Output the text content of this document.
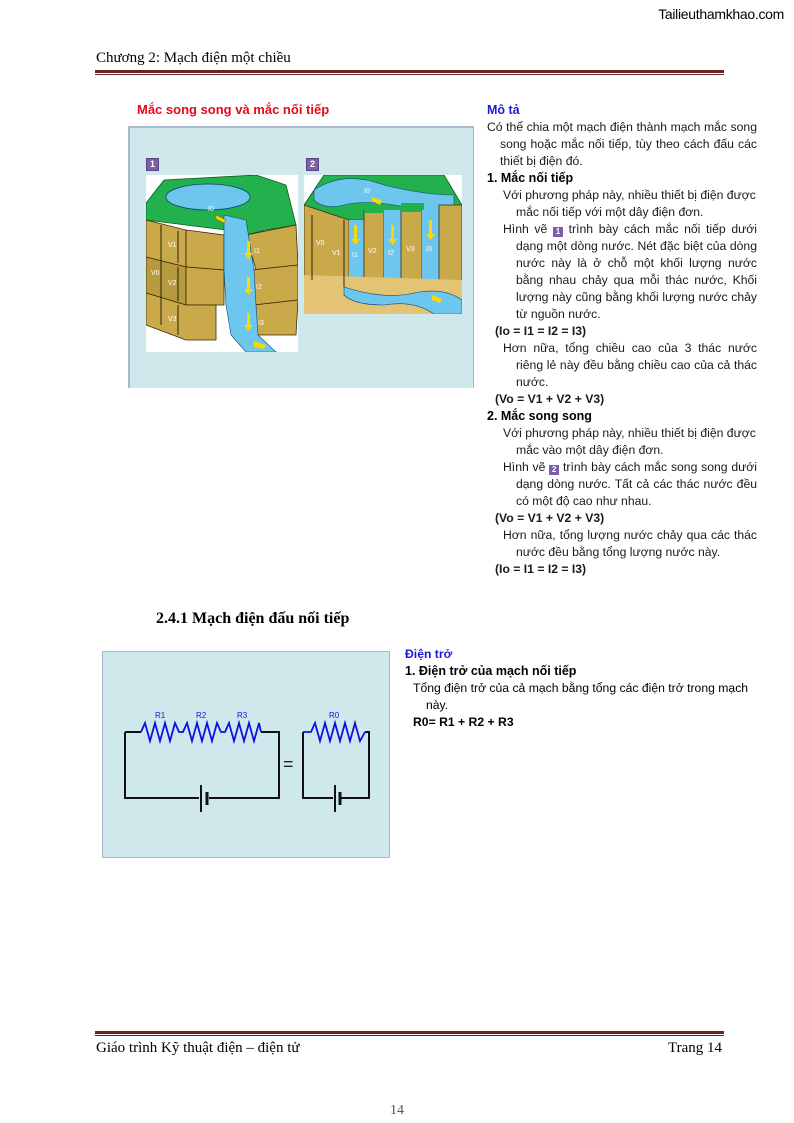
Tailieuthamkhao.com
Chương 2: Mạch điện một chiều
Mắc song song và mắc nối tiếp
1
V0
V1
V2
V3
I0
I1
I2
I3
2
V0
V1	V2	V3
I0
I1	I2
I3

Mô tả

Có thể chia một mạch điện thành mạch mắc song song hoặc mắc nối tiếp, tùy theo cách đấu các thiết bị điện đó.

1. Mắc nối tiếp

Với phương pháp này, nhiều thiết bị điện được mắc nối tiếp với một dây điện đơn.

Hình vẽ 1 trình bày cách mắc nối tiếp dưới dạng một dòng nước. Nét đặc biệt của dòng nước này là ở chỗ một khối lượng nước bằng nhau chảy qua mỗi thác nước, Khối lượng này cũng bằng khối lượng nước chảy từ nguồn nước.

(Io = I1 = I2 = I3)

Hơn nữa, tổng chiều cao của 3 thác nước riêng lẻ này đều bằng chiều cao của cả thác nước.

(Vo = V1 + V2 + V3)

2. Mắc song song

Với phương pháp này, nhiều thiết bị điện được mắc vào một dây điện đơn.

Hình vẽ 2 trình bày cách mắc song song dưới dạng dòng nước. Tất cả các thác nước đều có một độ cao như nhau.

(Vo = V1 + V2 + V3)

Hơn nữa, tổng lượng nước chảy qua các thác nước đều bằng tổng lượng nước này.

(Io = I1 = I2 = I3)

2.4.1 Mạch điện đấu nối tiếp
R1	R2	R3
=
R0

Điện trở

1. Điện trở của mạch nối tiếp

Tổng điện trở của cả mạch bằng tổng các điện trở trong mạch này.

R0= R1 + R2 + R3

Giáo trình Kỹ thuật điện – điện tử	Trang 14
14
